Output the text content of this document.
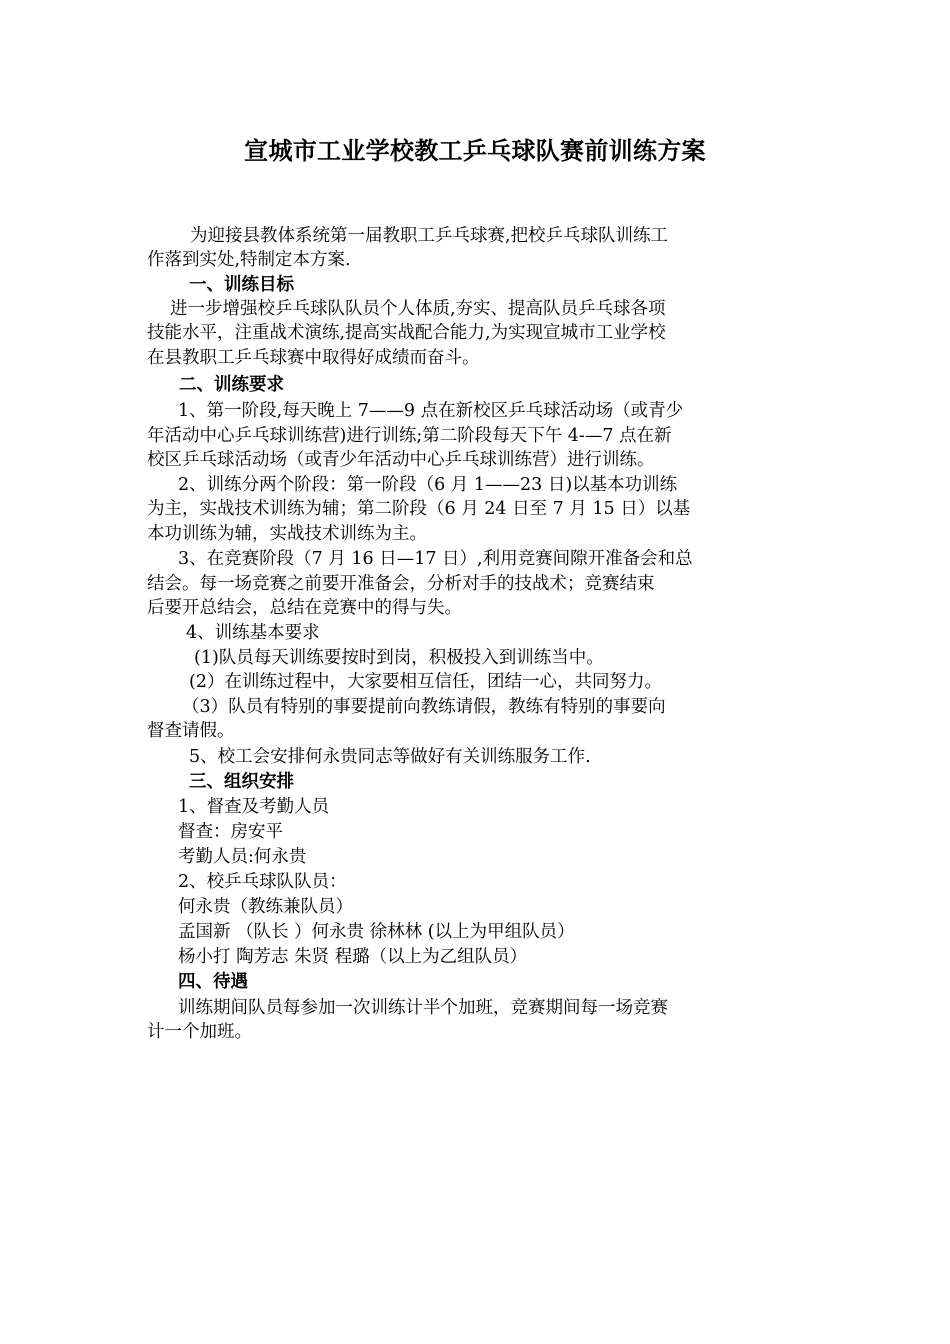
宣城市工业学校教工乒乓球队赛前训练方案
为迎接县教体系统第一届教职工乒乓球赛,把校乒乓球队训练工
作落到实处,特制定本方案.
一、训练目标
进一步增强校乒乓球队队员个人体质,夯实、提高队员乒乓球各项
技能水平，注重战术演练,提高实战配合能力,为实现宣城市工业学校
在县教职工乒乓球赛中取得好成绩而奋斗。
二、训练要求
1、第一阶段,每天晚上 7——9 点在新校区乒乓球活动场（或青少
年活动中心乒乓球训练营)进行训练;第二阶段每天下午 4-—7 点在新
校区乒乓球活动场（或青少年活动中心乒乓球训练营）进行训练。
2、训练分两个阶段：第一阶段（6 月 1——23 日)以基本功训练
为主，实战技术训练为辅；第二阶段（6 月 24 日至 7 月 15 日）以基
本功训练为辅，实战技术训练为主。
3、在竞赛阶段（7 月 16 日—17 日）,利用竞赛间隙开准备会和总
结会。每一场竞赛之前要开准备会，分析对手的技战术；竞赛结束
后要开总结会，总结在竞赛中的得与失。
4、训练基本要求
(1)队员每天训练要按时到岗，积极投入到训练当中。
(2）在训练过程中，大家要相互信任，团结一心，共同努力。
（3）队员有特别的事要提前向教练请假，教练有特别的事要向
督查请假。
5、校工会安排何永贵同志等做好有关训练服务工作.
三、组织安排
1、督查及考勤人员
督查：房安平
考勤人员:何永贵
2、校乒乓球队队员：
何永贵（教练兼队员）
孟国新 （队长 ）何永贵 徐林林 (以上为甲组队员）
杨小打 陶芳志 朱贤 程璐（以上为乙组队员）
四、待遇
训练期间队员每参加一次训练计半个加班，竞赛期间每一场竞赛
计一个加班。
